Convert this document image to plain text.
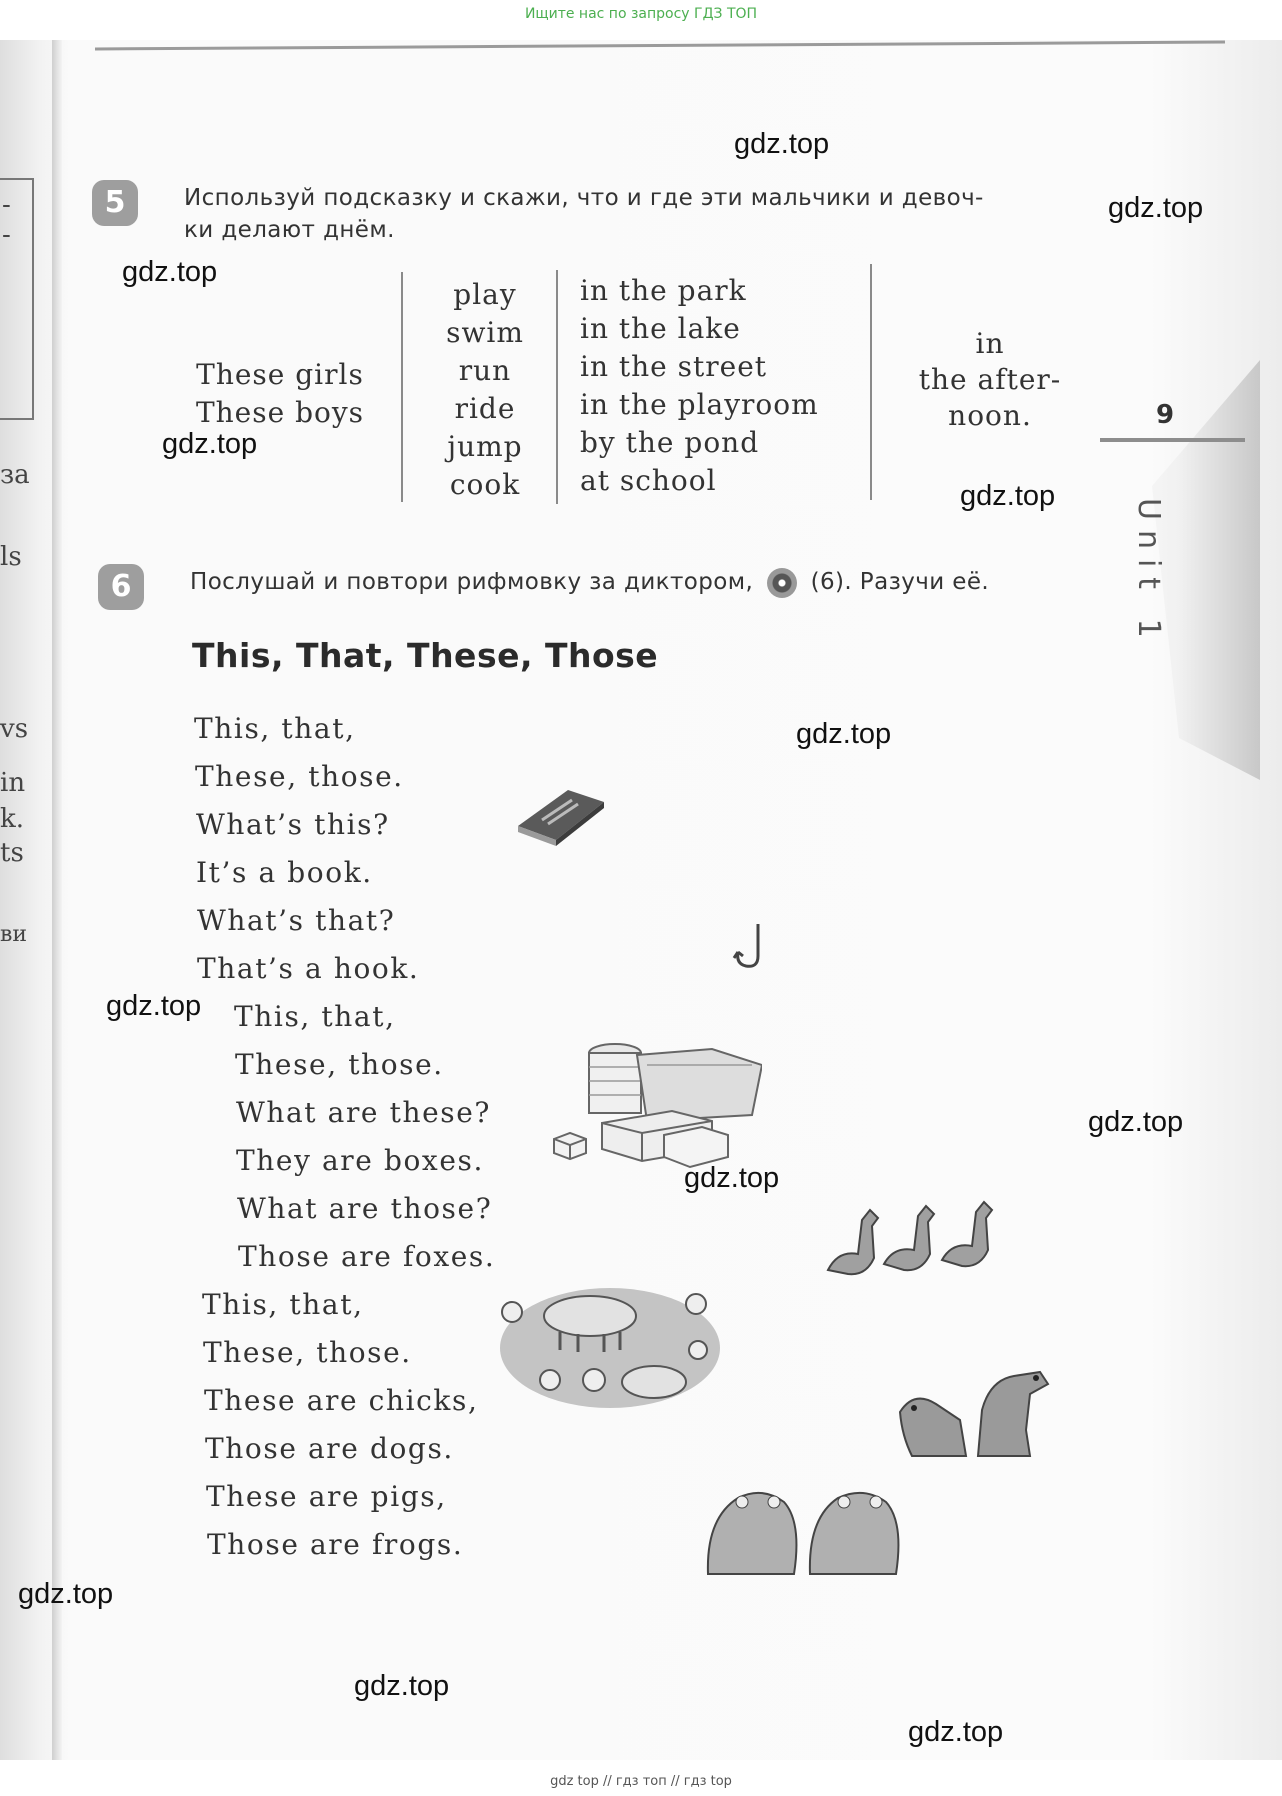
Ищите нас по запросу ГДЗ ТОП
gdz top // гдз топ // гдз top
-
-
за
ls
vs
in
k.
ts
ви
9
Unit 1
5	Используй подсказку и скажи, что и где эти мальчики и девоч-
ки делают днём.
These girls
These boys
play
swim
run
ride
jump
cook
in the park
in the lake
in the street
in the playroom
by the pond
at school
in
the after-
noon.
6	Послушай и повтори рифмовку за диктором, (6). Разучи её.
This, That, These, Those
This, that,
These, those.
What’s this?
It’s a book.
What’s that?
That’s a hook.
This, that,
These, those.
What are these?
They are boxes.
What are those?
Those are foxes.
This, that,
These, those.
These are chicks,
Those are dogs.
These are pigs,
Those are frogs.
gdz.top
gdz.top
gdz.top
gdz.top
gdz.top
gdz.top
gdz.top
gdz.top
gdz.top
gdz.top
gdz.top
gdz.top
